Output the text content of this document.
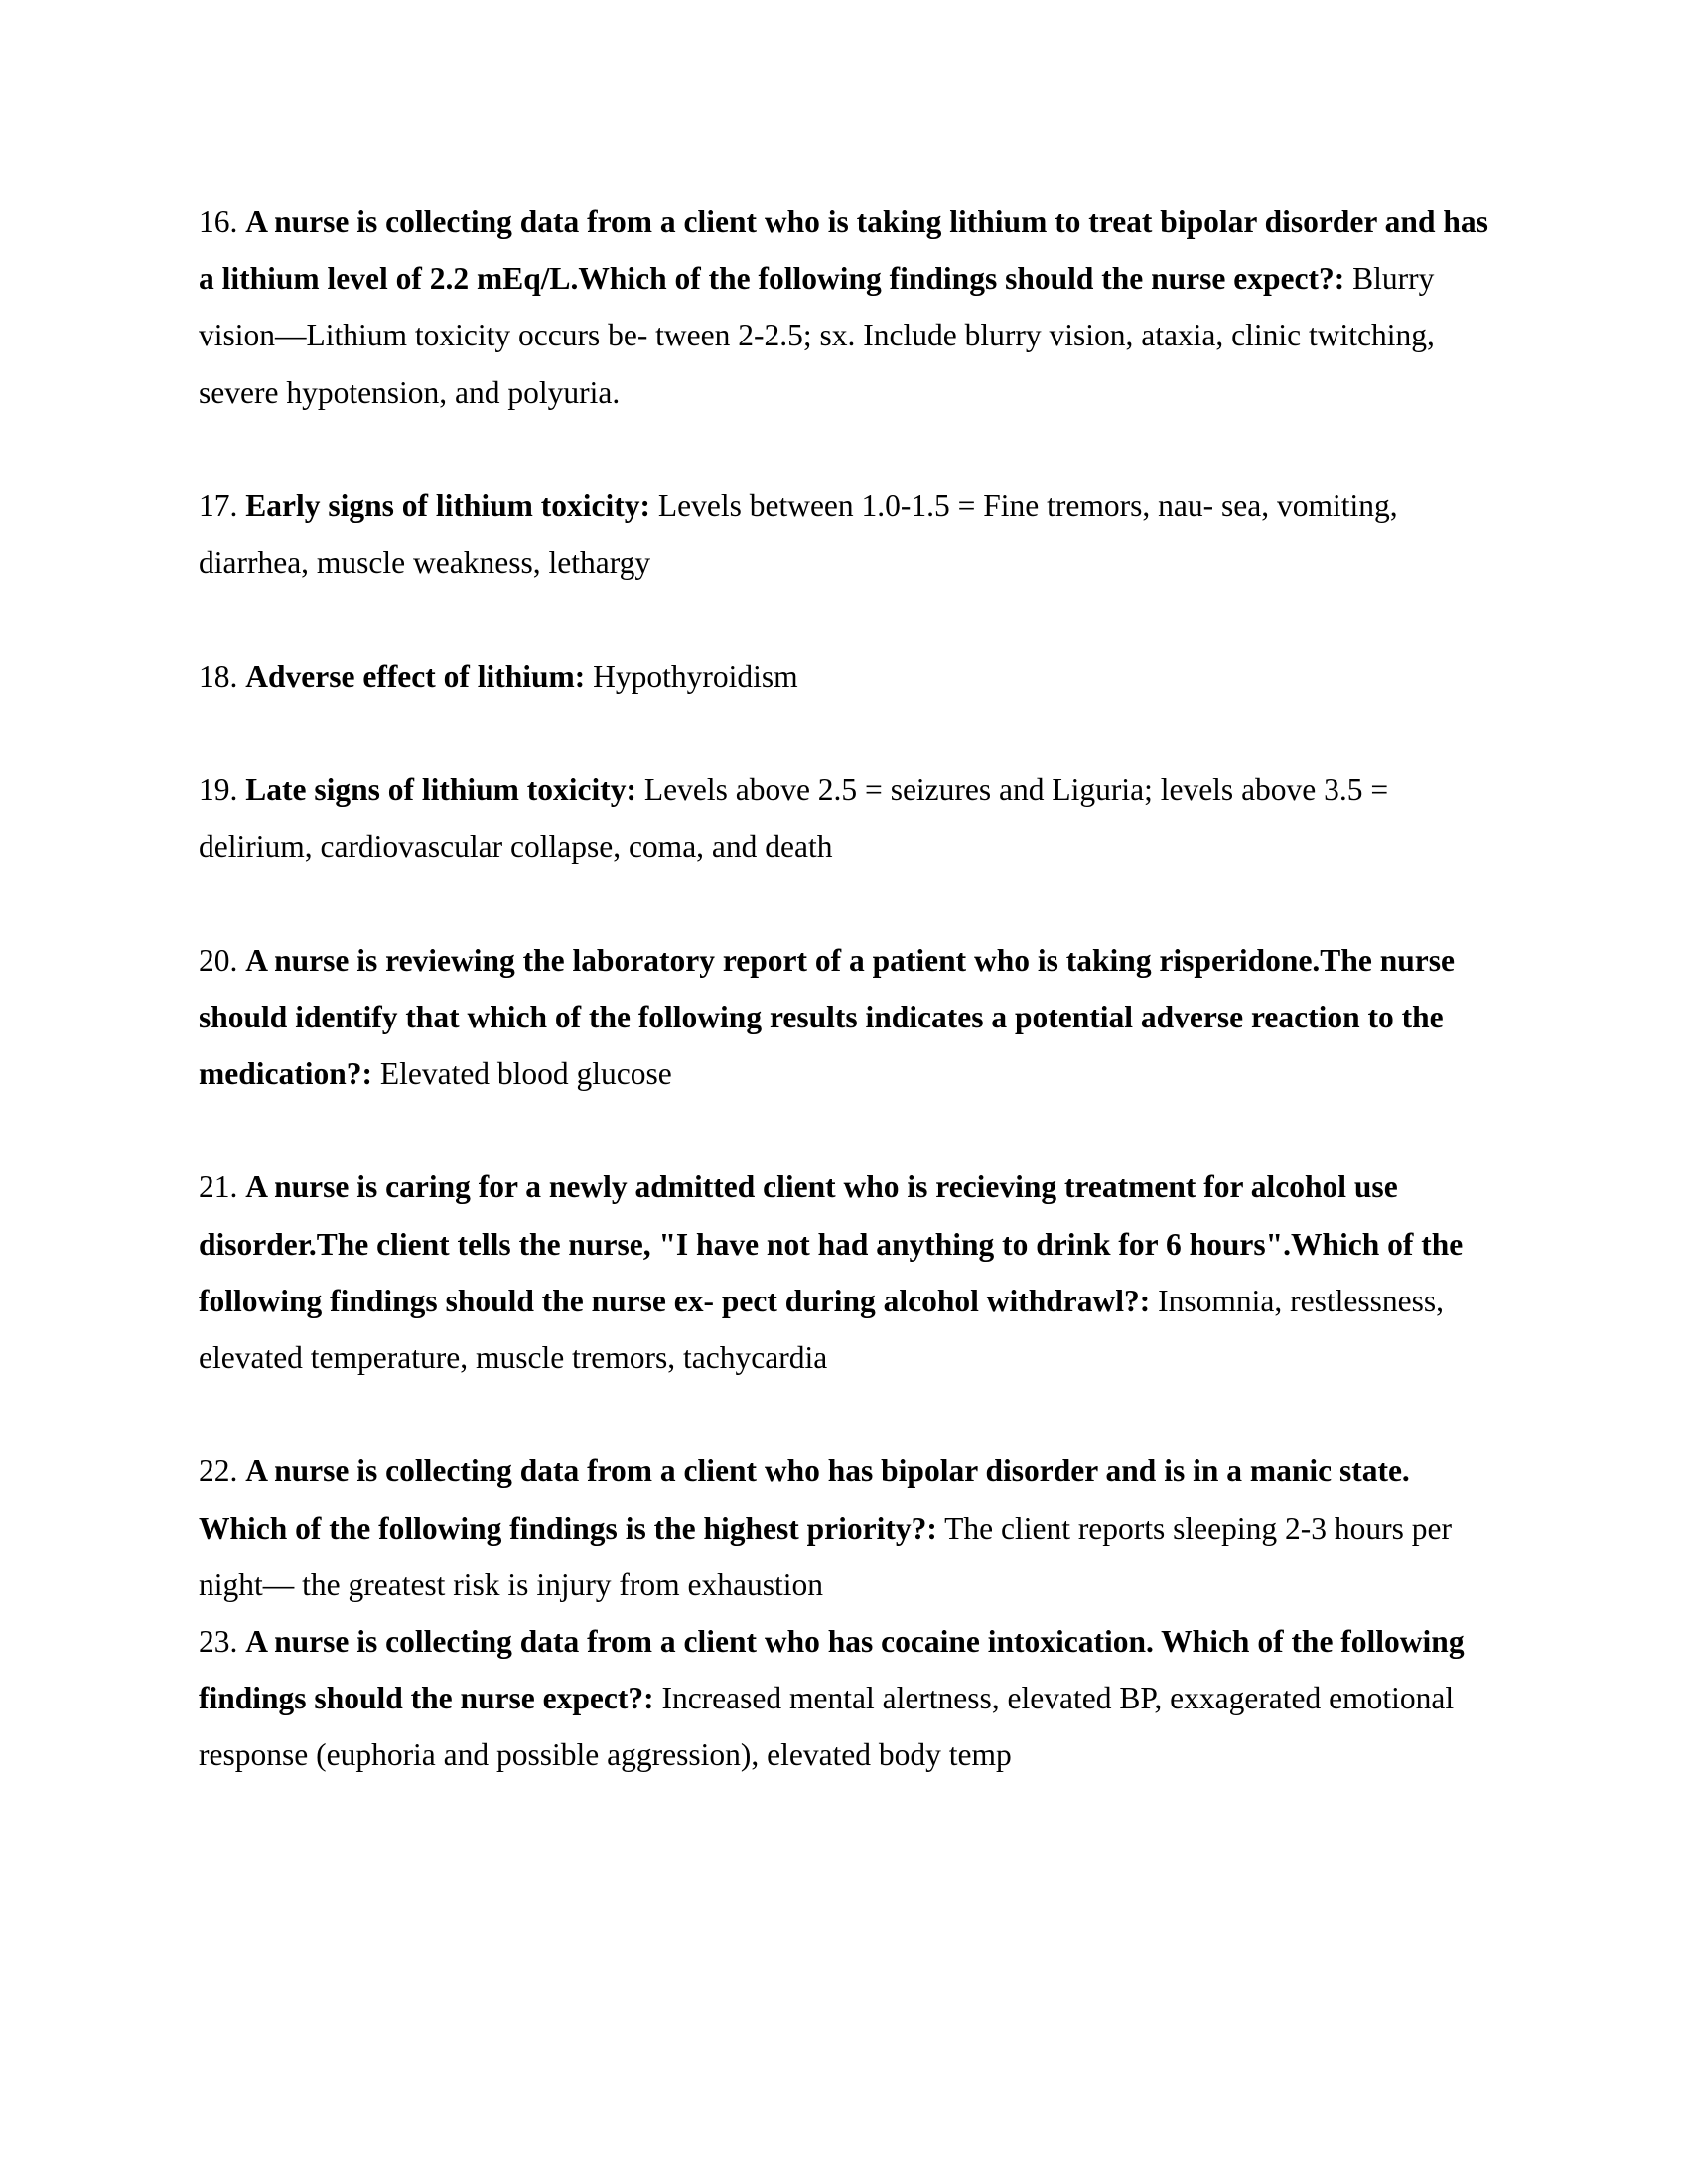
16. A nurse is collecting data from a client who is taking lithium to treat bipolar disorder and has a lithium level of 2.2 mEq/L.Which of the following findings should the nurse expect?: Blurry vision—Lithium toxicity occurs be- tween 2-2.5; sx. Include blurry vision, ataxia, clinic twitching, severe hypotension, and polyuria.

17. Early signs of lithium toxicity: Levels between 1.0-1.5 = Fine tremors, nau- sea, vomiting, diarrhea, muscle weakness, lethargy

18. Adverse effect of lithium: Hypothyroidism

19. Late signs of lithium toxicity: Levels above 2.5 = seizures and Liguria; levels above 3.5 = delirium, cardiovascular collapse, coma, and death

20. A nurse is reviewing the laboratory report of a patient who is taking risperidone.The nurse should identify that which of the following results indicates a potential adverse reaction to the medication?: Elevated blood glucose

21. A nurse is caring for a newly admitted client who is recieving treatment for alcohol use disorder.The client tells the nurse, "I have not had anything to drink for 6 hours".Which of the following findings should the nurse ex- pect during alcohol withdrawl?: Insomnia, restlessness, elevated temperature, muscle tremors, tachycardia

22. A nurse is collecting data from a client who has bipolar disorder and is in a manic state. Which of the following findings is the highest priority?: The client reports sleeping 2-3 hours per night— the greatest risk is injury from exhaustion

23. A nurse is collecting data from a client who has cocaine intoxication. Which of the following findings should the nurse expect?: Increased mental alertness, elevated BP, exxagerated emotional response (euphoria and possible aggression), elevated body temp
